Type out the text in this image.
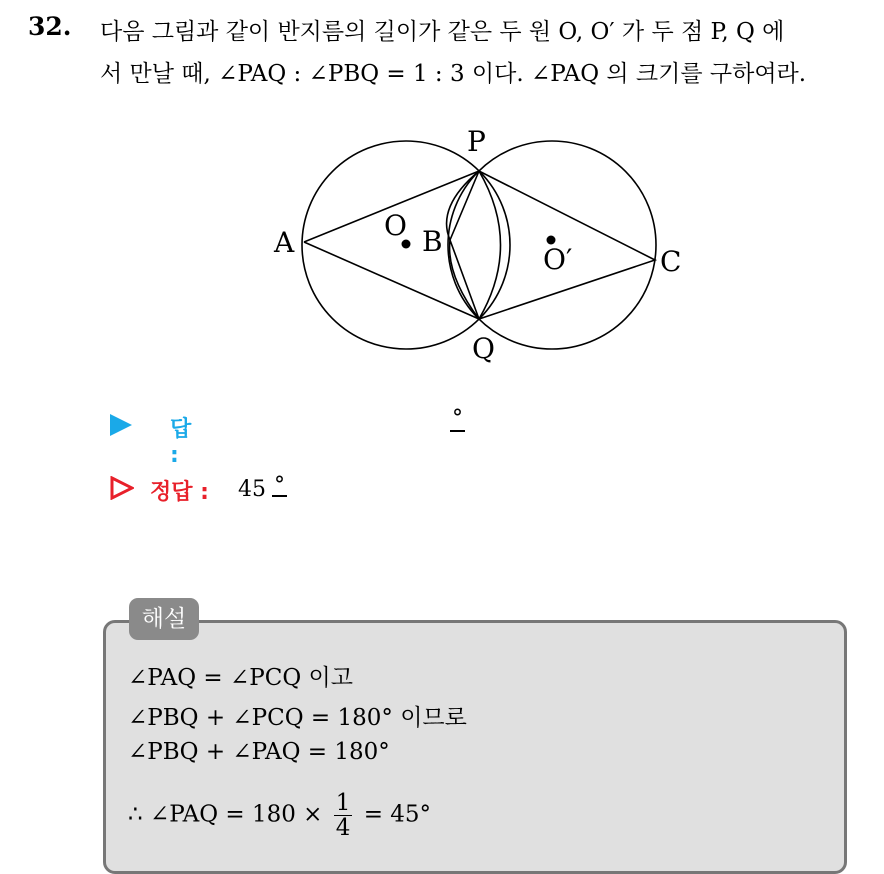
32. 다음 그림과 같이 반지름의 길이가 같은 두 원 O, O′ 가 두 점 P, Q 에
서 만날 때, ∠PAQ : ∠PBQ = 1 : 3 이다. ∠PAQ 의 크기를 구하여라.
P
Q
A	B
C
O
O′
답 :
°
정답 : 45 °
해설
∠PAQ = ∠PCQ 이고
∠PBQ + ∠PCQ = 180° 이므로
∠PBQ + ∠PAQ = 180°
∴ ∠PAQ = $180 \times \frac{1}{4} = 45^\circ$
